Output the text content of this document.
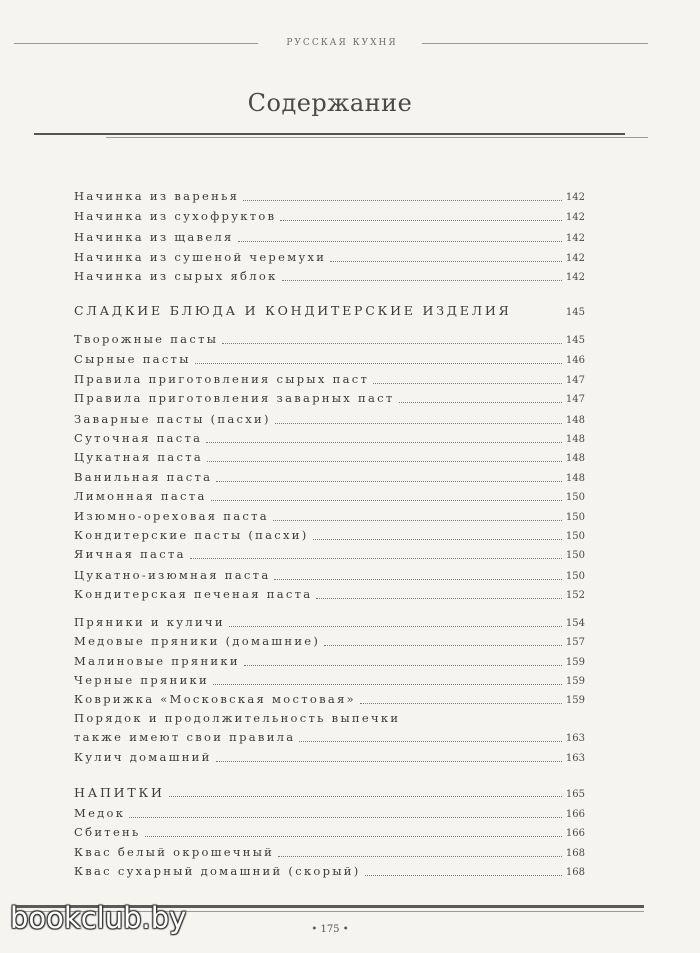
РУССКАЯ КУХНЯ
Содержание
Начинка из варенья	142
Начинка из сухофруктов	142
Начинка из щавеля	142
Начинка из сушеной черемухи	142
Начинка из сырых яблок	142
СЛАДКИЕ БЛЮДА И КОНДИТЕРСКИЕ ИЗДЕЛИЯ	145
Творожные пасты	145
Сырные пасты	146
Правила приготовления сырых паст	147
Правила приготовления заварных паст	147
Заварные пасты (пасхи)	148
Суточная паста	148
Цукатная паста	148
Ванильная паста	148
Лимонная паста	150
Изюмно-ореховая паста	150
Кондитерские пасты (пасхи)	150
Яичная паста	150
Цукатно-изюмная паста	150
Кондитерская печеная паста	152
Пряники и куличи	154
Медовые пряники (домашние)	157
Малиновые пряники	159
Черные пряники	159
Коврижка «Московская мостовая»	159
Порядок и продолжительность выпечки
также имеют свои правила	163
Кулич домашний	163
НАПИТКИ	165
Медок	166
Сбитень	166
Квас белый окрошечный	168
Квас сухарный домашний (скорый)	168
• 175 •
bookclub.by
